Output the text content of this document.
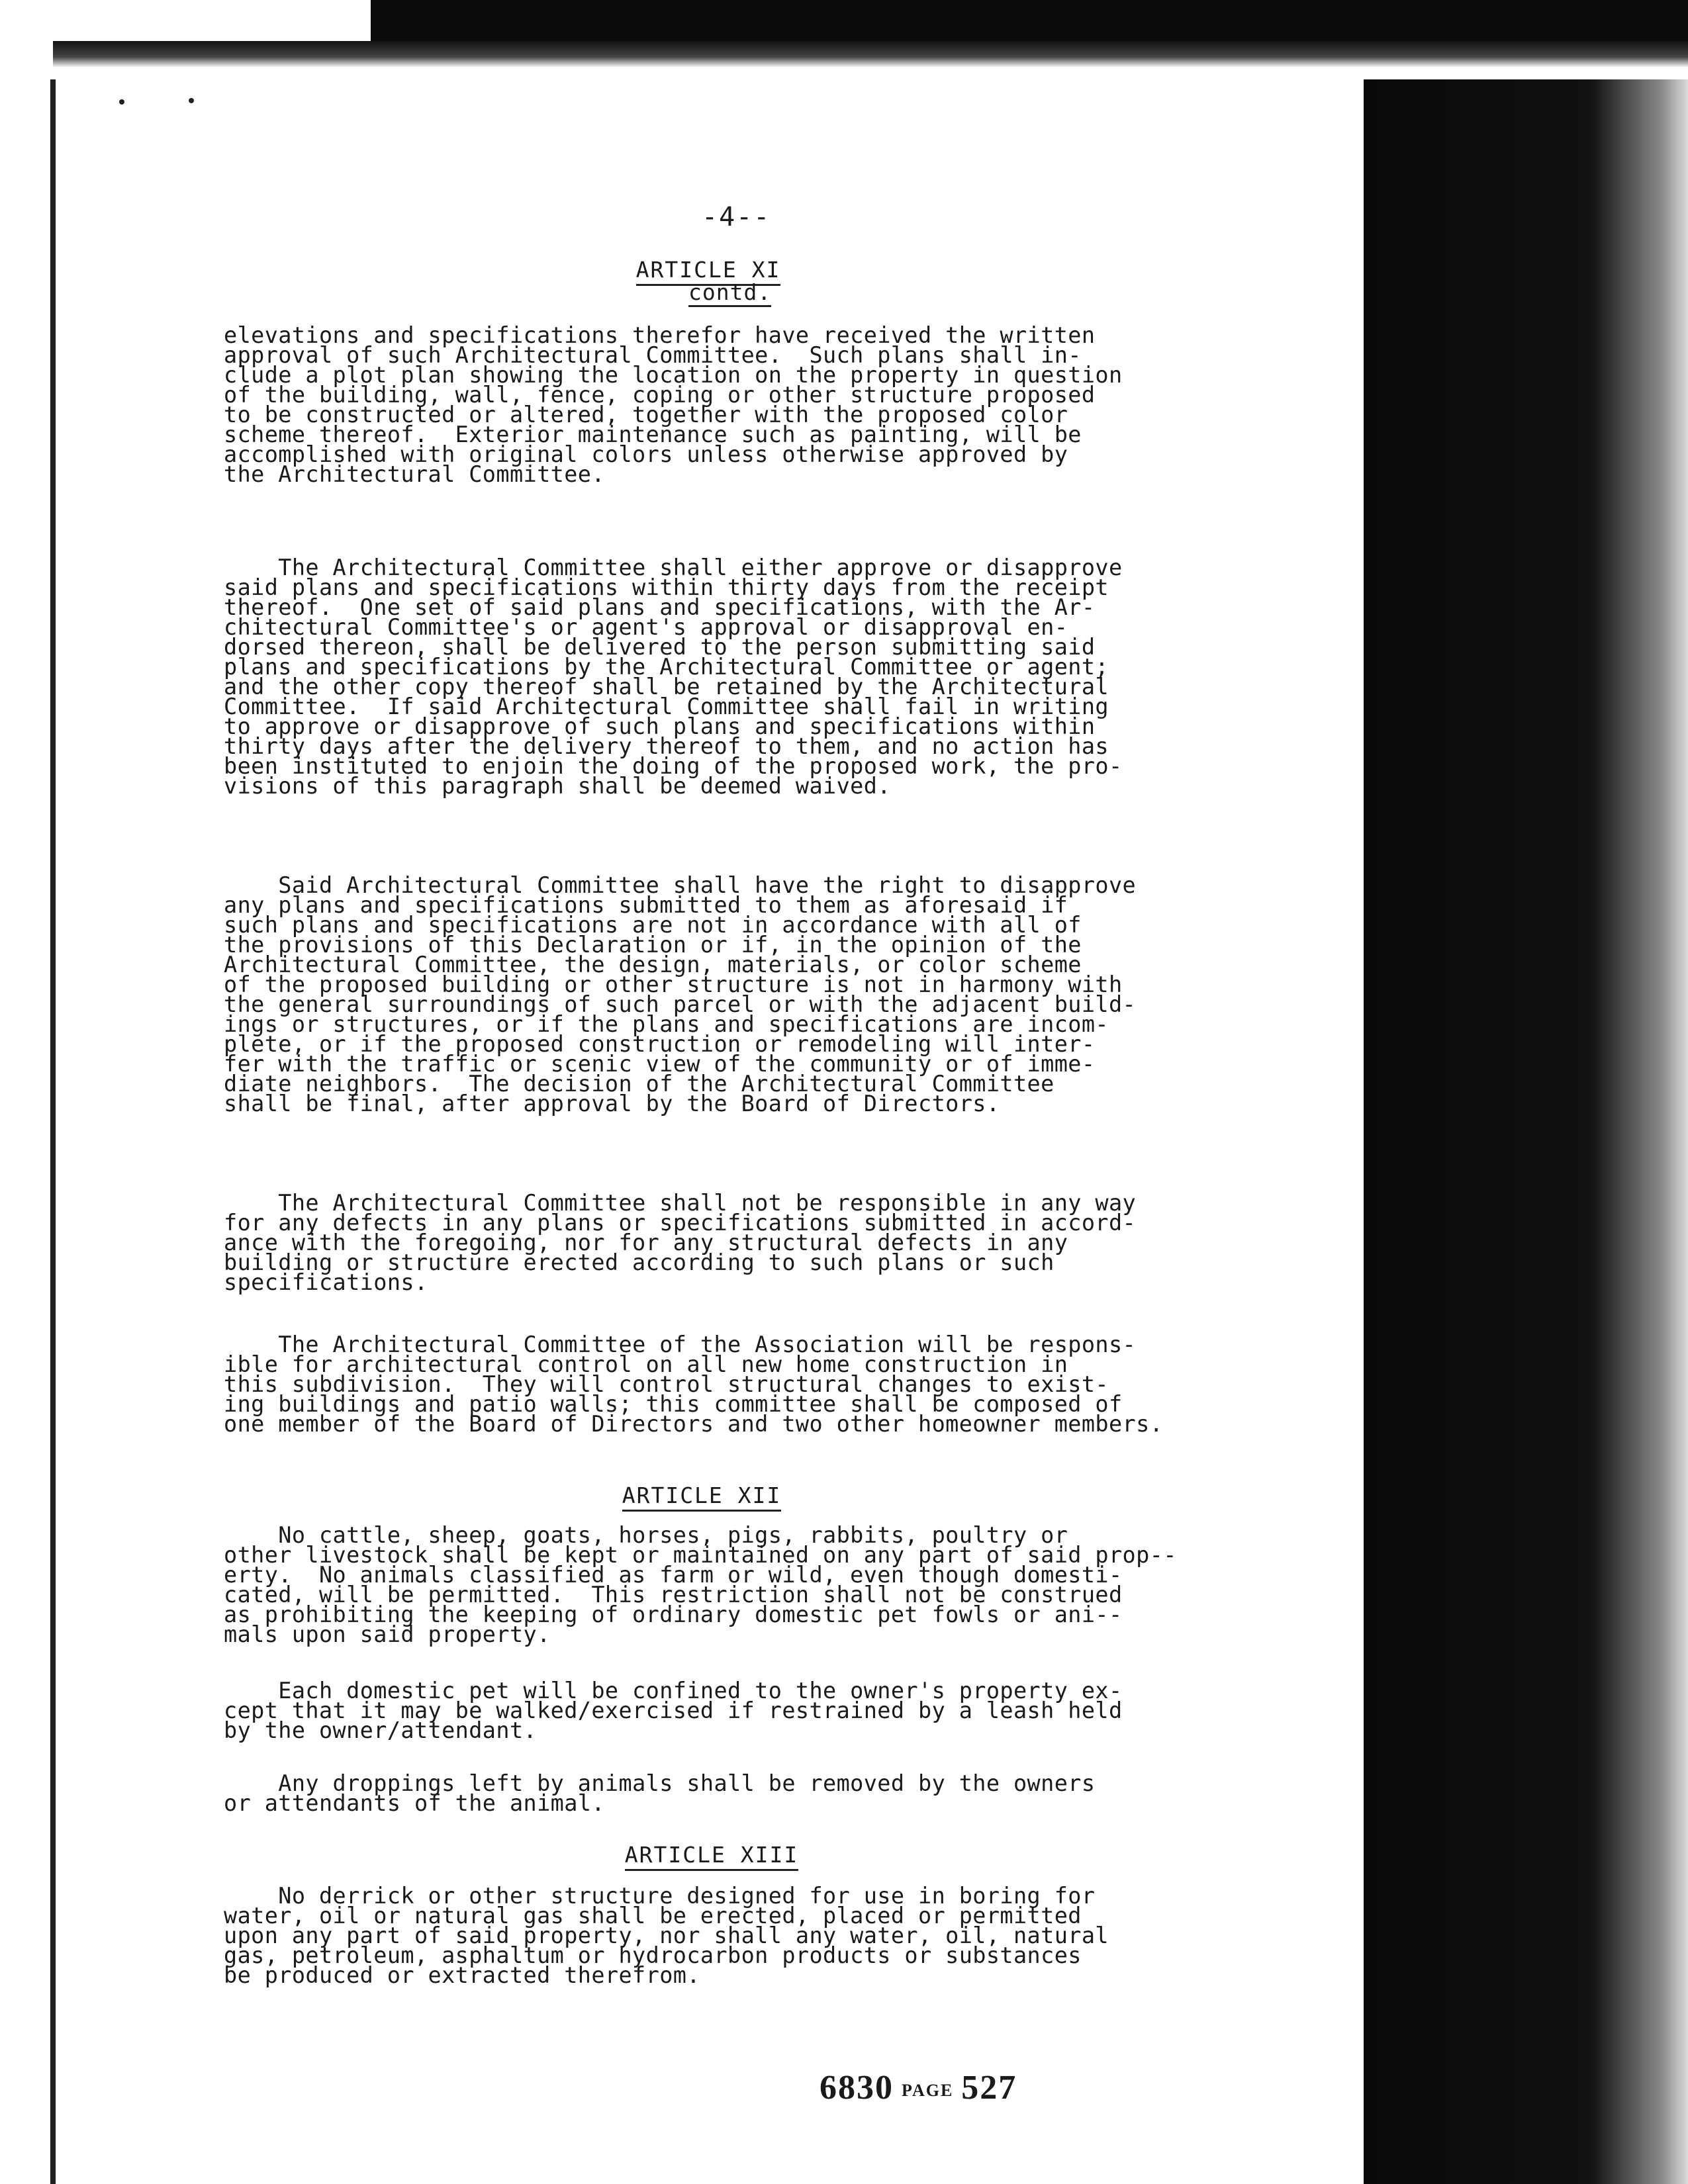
-4--
ARTICLE XI
contd.

elevations and specifications therefor have received the written
approval of such Architectural Committee.  Such plans shall in-
clude a plot plan showing the location on the property in question
of the building, wall, fence, coping or other structure proposed
to be constructed or altered, together with the proposed color
scheme thereof.  Exterior maintenance such as painting, will be
accomplished with original colors unless otherwise approved by
the Architectural Committee.

The Architectural Committee shall either approve or disapprove
said plans and specifications within thirty days from the receipt
thereof.  One set of said plans and specifications, with the Ar-
chitectural Committee's or agent's approval or disapproval en-
dorsed thereon, shall be delivered to the person submitting said
plans and specifications by the Architectural Committee or agent;
and the other copy thereof shall be retained by the Architectural
Committee.  If said Architectural Committee shall fail in writing
to approve or disapprove of such plans and specifications within
thirty days after the delivery thereof to them, and no action has
been instituted to enjoin the doing of the proposed work, the pro-
visions of this paragraph shall be deemed waived.

Said Architectural Committee shall have the right to disapprove
any plans and specifications submitted to them as aforesaid if
such plans and specifications are not in accordance with all of
the provisions of this Declaration or if, in the opinion of the
Architectural Committee, the design, materials, or color scheme
of the proposed building or other structure is not in harmony with
the general surroundings of such parcel or with the adjacent build-
ings or structures, or if the plans and specifications are incom-
plete, or if the proposed construction or remodeling will inter-
fer with the traffic or scenic view of the community or of imme-
diate neighbors.  The decision of the Architectural Committee
shall be final, after approval by the Board of Directors.

The Architectural Committee shall not be responsible in any way
for any defects in any plans or specifications submitted in accord-
ance with the foregoing, nor for any structural defects in any
building or structure erected according to such plans or such
specifications.

The Architectural Committee of the Association will be respons-
ible for architectural control on all new home construction in
this subdivision.  They will control structural changes to exist-
ing buildings and patio walls; this committee shall be composed of
one member of the Board of Directors and two other homeowner members.

ARTICLE XII

No cattle, sheep, goats, horses, pigs, rabbits, poultry or
other livestock shall be kept or maintained on any part of said prop--
erty.  No animals classified as farm or wild, even though domesti-
cated, will be permitted.  This restriction shall not be construed
as prohibiting the keeping of ordinary domestic pet fowls or ani--
mals upon said property.

Each domestic pet will be confined to the owner's property ex-
cept that it may be walked/exercised if restrained by a leash held
by the owner/attendant.

Any droppings left by animals shall be removed by the owners
or attendants of the animal.

ARTICLE XIII

No derrick or other structure designed for use in boring for
water, oil or natural gas shall be erected, placed or permitted
upon any part of said property, nor shall any water, oil, natural
gas, petroleum, asphaltum or hydrocarbon products or substances
be produced or extracted therefrom.

6830 PAGE 527
